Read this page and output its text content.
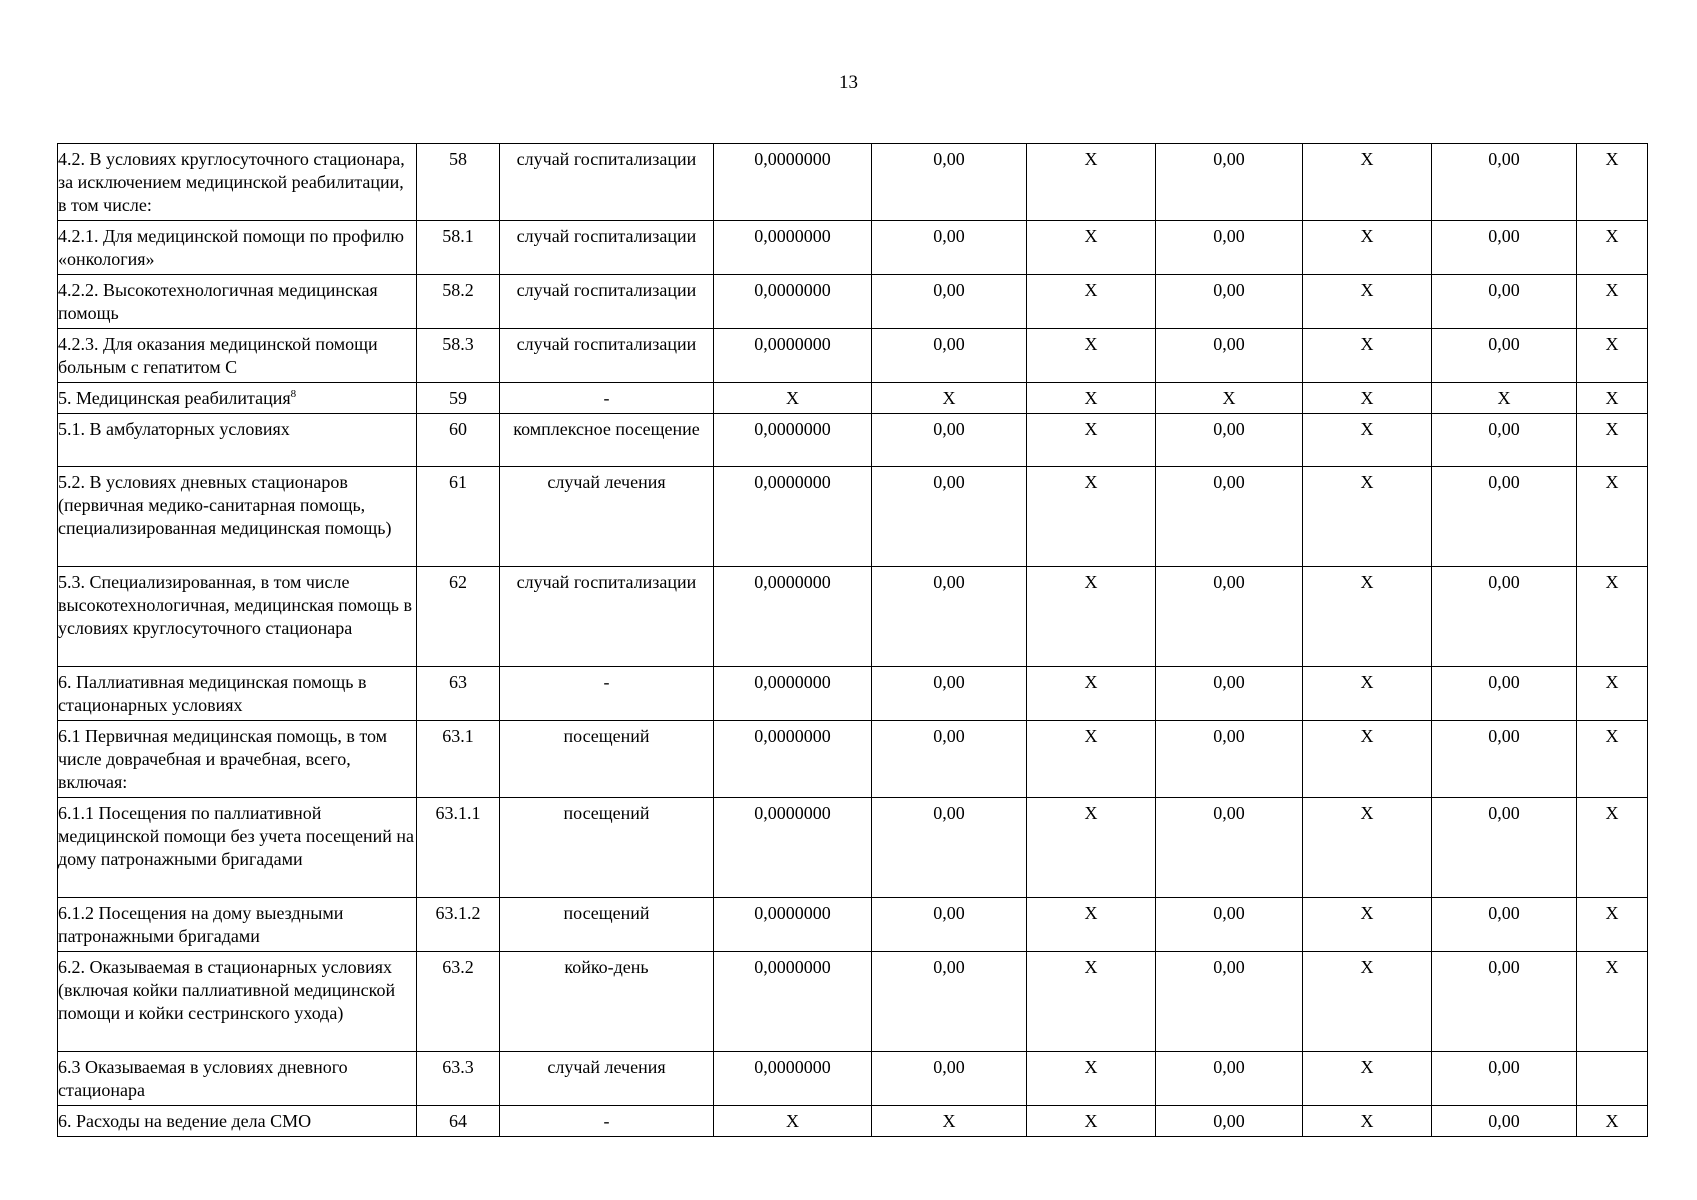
13
4.2. В условиях круглосуточного стационара, за исключением медицинской реабилитации, в том числе:	58	случай госпитализации	0,0000000	0,00	X	0,00	X	0,00	X
4.2.1. Для медицинской помощи по профилю «онкология»	58.1	случай госпитализации	0,0000000	0,00	X	0,00	X	0,00	X
4.2.2. Высокотехнологичная медицинская помощь	58.2	случай госпитализации	0,0000000	0,00	X	0,00	X	0,00	X
4.2.3. Для оказания медицинской помощи больным с гепатитом С	58.3	случай госпитализации	0,0000000	0,00	X	0,00	X	0,00	X
5. Медицинская реабилитация$^8$	59	-	X	X	X	X	X	X	X
5.1. В амбулаторных условиях	60	комплексное посещение	0,0000000	0,00	X	0,00	X	0,00	X
5.2. В условиях дневных стационаров (первичная медико-санитарная помощь, специализированная медицинская помощь)	61	случай лечения	0,0000000	0,00	X	0,00	X	0,00	X
5.3. Специализированная, в том числе высокотехнологичная, медицинская помощь в условиях круглосуточного стационара	62	случай госпитализации	0,0000000	0,00	X	0,00	X	0,00	X
6. Паллиативная медицинская помощь в стационарных условиях	63	-	0,0000000	0,00	X	0,00	X	0,00	X
6.1 Первичная медицинская помощь, в том числе доврачебная и врачебная, всего, включая:	63.1	посещений	0,0000000	0,00	X	0,00	X	0,00	X
6.1.1 Посещения по паллиативной медицинской помощи без учета посещений на дому патронажными бригадами	63.1.1	посещений	0,0000000	0,00	X	0,00	X	0,00	X
6.1.2 Посещения на дому выездными патронажными бригадами	63.1.2	посещений	0,0000000	0,00	X	0,00	X	0,00	X
6.2. Оказываемая в стационарных условиях (включая койки паллиативной медицинской помощи и койки сестринского ухода)	63.2	койко-день	0,0000000	0,00	X	0,00	X	0,00	X
6.3 Оказываемая в условиях дневного стационара	63.3	случай лечения	0,0000000	0,00	X	0,00	X	0,00	
6. Расходы на ведение дела СМО	64	-	X	X	X	0,00	X	0,00	X
